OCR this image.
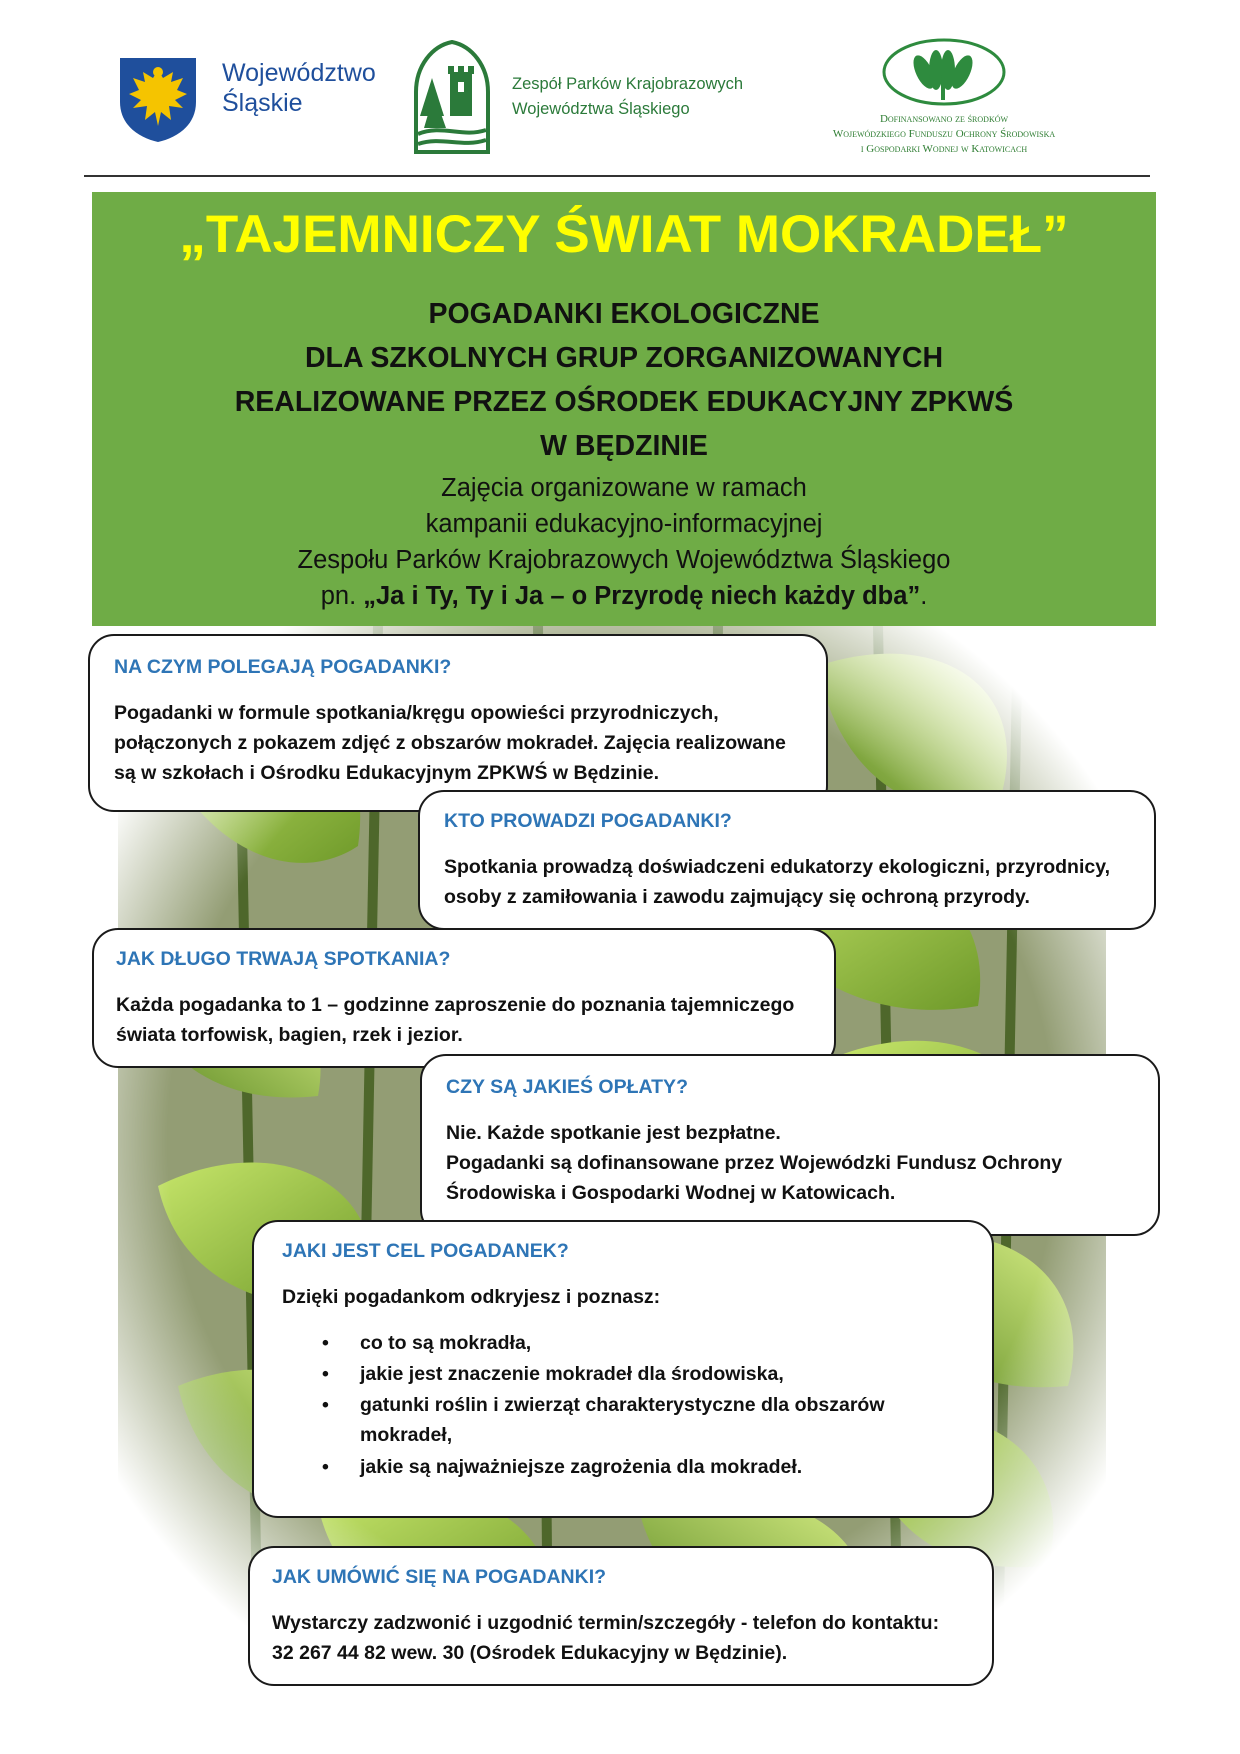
Województwo
Śląskie
Zespół Parków Krajobrazowych
Województwa Śląskiego
Dofinansowano ze środków
Wojewódzkiego Funduszu Ochrony Środowiska
i Gospodarki Wodnej w Katowicach
„TAJEMNICZY ŚWIAT MOKRADEŁ”
POGADANKI EKOLOGICZNE
DLA SZKOLNYCH GRUP ZORGANIZOWANYCH
REALIZOWANE PRZEZ OŚRODEK EDUKACYJNY ZPKWŚ
W BĘDZINIE
Zajęcia organizowane w ramach
kampanii edukacyjno-informacyjnej
Zespołu Parków Krajobrazowych Województwa Śląskiego
pn. „Ja i Ty, Ty i Ja – o Przyrodę niech każdy dba”.
NA CZYM POLEGAJĄ POGADANKI?
Pogadanki w formule spotkania/kręgu opowieści przyrodniczych,
połączonych z pokazem zdjęć z obszarów mokradeł. Zajęcia realizowane
są w szkołach i Ośrodku Edukacyjnym ZPKWŚ w Będzinie.
KTO PROWADZI POGADANKI?
Spotkania prowadzą doświadczeni edukatorzy ekologiczni, przyrodnicy,
osoby z zamiłowania i zawodu zajmujący się ochroną przyrody.
JAK DŁUGO TRWAJĄ SPOTKANIA?
Każda pogadanka to 1 – godzinne zaproszenie do poznania tajemniczego
świata torfowisk, bagien, rzek i jezior.
CZY SĄ JAKIEŚ OPŁATY?
Nie. Każde spotkanie jest bezpłatne.
Pogadanki są dofinansowane przez Wojewódzki Fundusz Ochrony
Środowiska i Gospodarki Wodnej w Katowicach.
JAKI JEST CEL POGADANEK?
Dzięki pogadankom odkryjesz i poznasz:
• co to są mokradła,
• jakie jest znaczenie mokradeł dla środowiska,
• gatunki roślin i zwierząt charakterystyczne dla obszarów mokradeł,
• jakie są najważniejsze zagrożenia dla mokradeł.
JAK UMÓWIĆ SIĘ NA POGADANKI?
Wystarczy zadzwonić i uzgodnić termin/szczegóły - telefon do kontaktu:
32 267 44 82 wew. 30 (Ośrodek Edukacyjny w Będzinie).
